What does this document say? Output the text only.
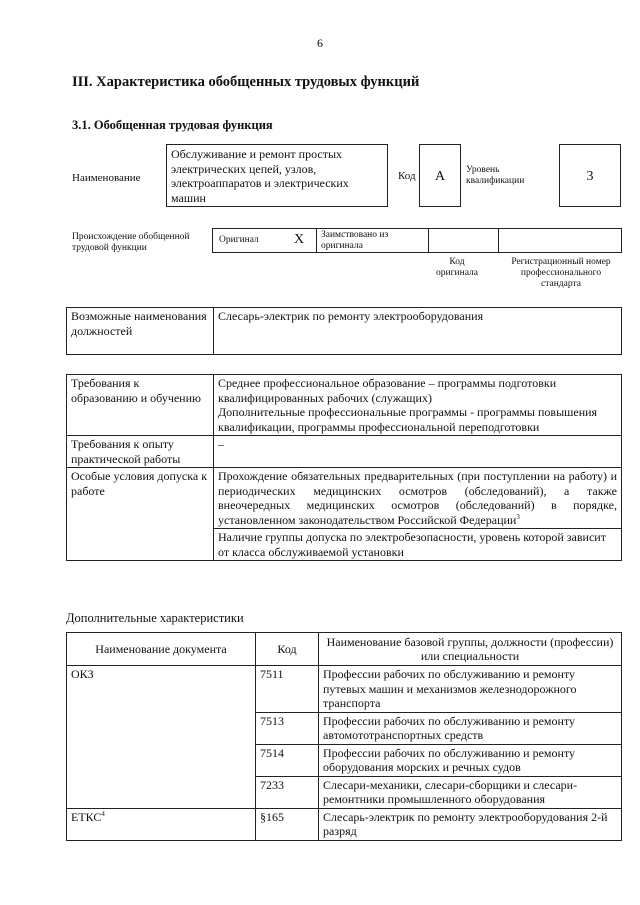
6
III. Характеристика обобщенных трудовых функций
3.1. Обобщенная трудовая функция
Наименование
Обслуживание и ремонт простых электрических цепей, узлов, электроаппаратов и электрических машин
Код	А	Уровень квалификации	3
Происхождение обобщенной трудовой функции
Оригинал	X Заимствовано из оригинала
Код оригинала
Регистрационный номер профессионального стандарта
Возможные наименования должностей	Слесарь-электрик по ремонту электрооборудования
Требования к образованию и обучению	Среднее профессиональное образование – программы подготовки квалифицированных рабочих (служащих)
Дополнительные профессиональные программы - программы повышения квалификации, программы профессиональной переподготовки

Требования к опыту практической работы	–
Особые условия допуска к работе	Прохождение обязательных предварительных (при поступлении на работу) и периодических медицинских осмотров (обследований), а также внеочередных медицинских осмотров (обследований) в порядке, установленном законодательством Российской Федерации$^3$
	Наличие группы допуска по электробезопасности, уровень которой зависит от класса обслуживаемой установки
Дополнительные характеристики
Наименование документа	Код	Наименование базовой группы, должности (профессии) или специальности
ОКЗ	7511	Профессии рабочих по обслуживанию и ремонту путевых машин и механизмов железнодорожного транспорта
	7513	Профессии рабочих по обслуживанию и ремонту автомототранспортных средств
	7514	Профессии рабочих по обслуживанию и ремонту оборудования морских и речных судов
	7233	Слесари-механики, слесари-сборщики и слесари-ремонтники промышленного оборудования
ЕТКС$^4$	§165	Слесарь-электрик по ремонту электрооборудования 2-й разряд
